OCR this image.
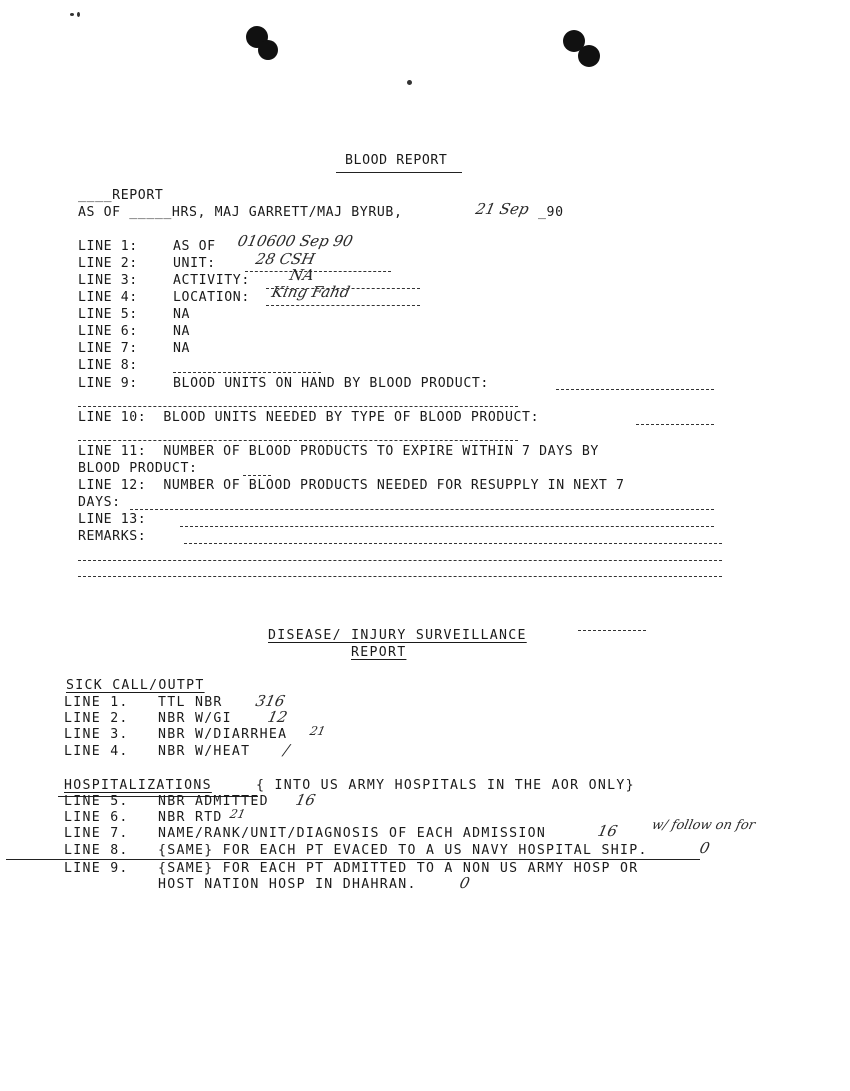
BLOOD REPORT
____REPORT
AS OF _____HRS, MAJ GARRETT/MAJ BYRUB,	21 Sep _90
LINE 1:	AS OF 010600 Sep 90
LINE 2:	UNIT:	28 CSH
LINE 3:	ACTIVITY:	NA
LINE 4:	LOCATION: King Fahd
LINE 5:	NA
LINE 6:	NA
LINE 7:	NA
LINE 8:
LINE 9:	BLOOD UNITS ON HAND BY BLOOD PRODUCT:
LINE 10:  BLOOD UNITS NEEDED BY TYPE OF BLOOD PRODUCT:
LINE 11:  NUMBER OF BLOOD PRODUCTS TO EXPIRE WITHIN 7 DAYS BY
BLOOD PRODUCT:
LINE 12:  NUMBER OF BLOOD PRODUCTS NEEDED FOR RESUPPLY IN NEXT 7
DAYS:
LINE 13:
REMARKS:
DISEASE/ INJURY SURVEILLANCE
REPORT
SICK CALL/OUTPT
LINE 1. TTL NBR 316
LINE 2. NBR W/GI 12
LINE 3. NBR W/DIARRHEA 21
LINE 4. NBR W/HEAT /
HOSPITALIZATIONS	{ INTO US ARMY HOSPITALS IN THE AOR ONLY}
LINE 5. NBR ADMITTED 16
LINE 6. NBR RTD 21
LINE 7. NAME/RANK/UNIT/DIAGNOSIS OF EACH ADMISSION	16 w/ follow on for
LINE 8. {SAME} FOR EACH PT EVACED TO A US NAVY HOSPITAL SHIP.	0
LINE 9. {SAME} FOR EACH PT ADMITTED TO A NON US ARMY HOSP OR
HOST NATION HOSP IN DHAHRAN.	0
